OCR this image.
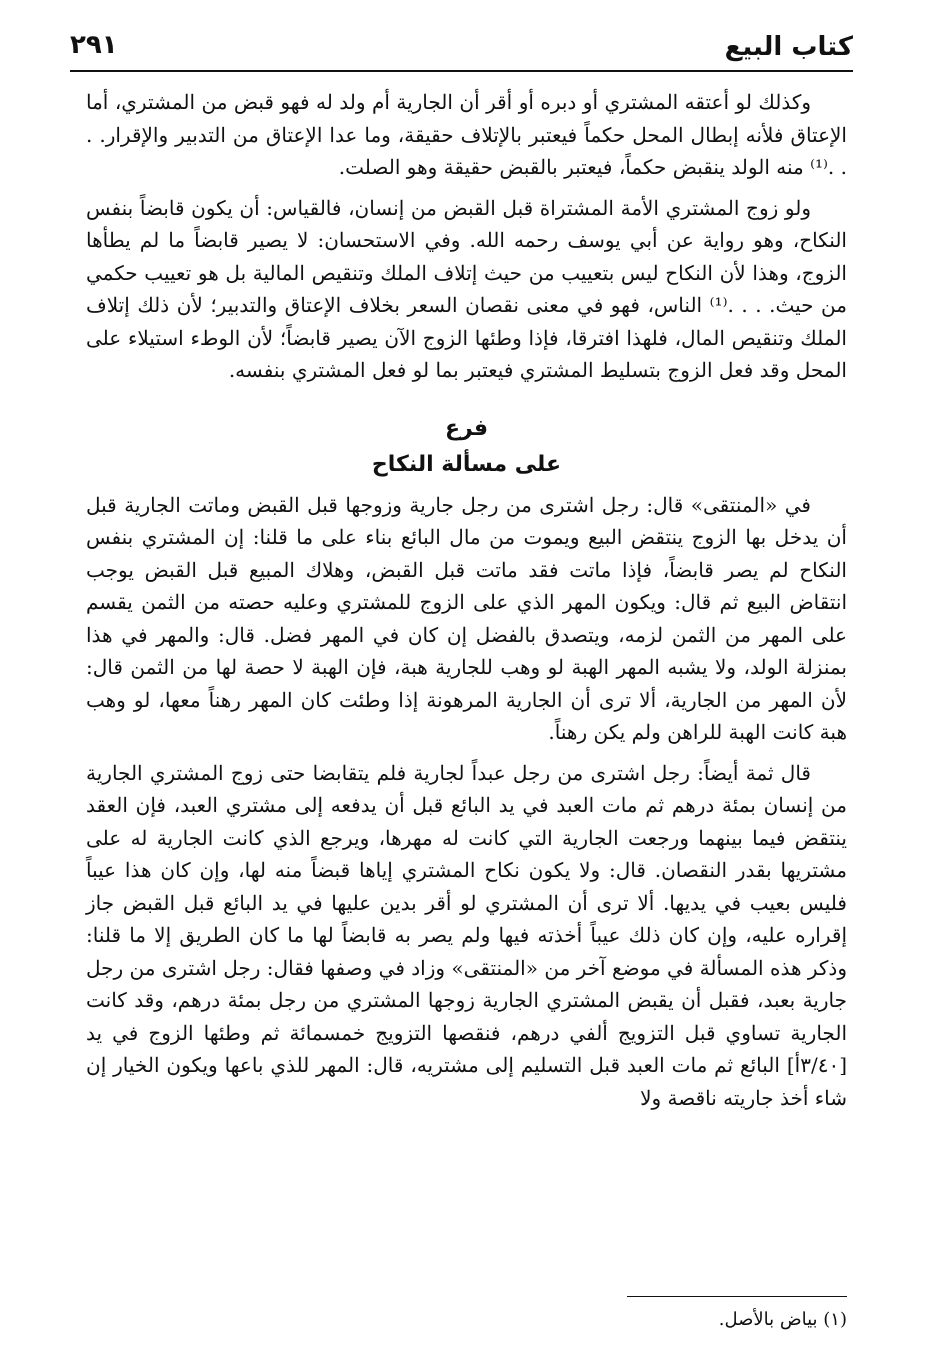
كتاب البيع
٢٩١

وكذلك لو أعتقه المشتري أو دبره أو أقر أن الجارية أم ولد له فهو قبض من المشتري، أما الإعتاق فلأنه إبطال المحل حكماً فيعتبر بالإتلاف حقيقة، وما عدا الإعتاق من التدبير والإقرار. . . .⁽¹⁾ منه الولد ينقبض حكماً، فيعتبر بالقبض حقيقة وهو الصلت.

ولو زوج المشتري الأمة المشتراة قبل القبض من إنسان، فالقياس: أن يكون قابضاً بنفس النكاح، وهو رواية عن أبي يوسف رحمه الله. وفي الاستحسان: لا يصير قابضاً ما لم يطأها الزوج، وهذا لأن النكاح ليس بتعييب من حيث إتلاف الملك وتنقيص المالية بل هو تعييب حكمي من حيث. . . .⁽¹⁾ الناس، فهو في معنى نقصان السعر بخلاف الإعتاق والتدبير؛ لأن ذلك إتلاف الملك وتنقيص المال، فلهذا افترقا، فإذا وطئها الزوج الآن يصير قابضاً؛ لأن الوطء استيلاء على المحل وقد فعل الزوج بتسليط المشتري فيعتبر بما لو فعل المشتري بنفسه.

فرع

على مسألة النكاح

في «المنتقى» قال: رجل اشترى من رجل جارية وزوجها قبل القبض وماتت الجارية قبل أن يدخل بها الزوج ينتقض البيع ويموت من مال البائع بناء على ما قلنا: إن المشتري بنفس النكاح لم يصر قابضاً، فإذا ماتت فقد ماتت قبل القبض، وهلاك المبيع قبل القبض يوجب انتقاض البيع ثم قال: ويكون المهر الذي على الزوج للمشتري وعليه حصته من الثمن يقسم على المهر من الثمن لزمه، ويتصدق بالفضل إن كان في المهر فضل. قال: والمهر في هذا بمنزلة الولد، ولا يشبه المهر الهبة لو وهب للجارية هبة، فإن الهبة لا حصة لها من الثمن قال: لأن المهر من الجارية، ألا ترى أن الجارية المرهونة إذا وطئت كان المهر رهناً معها، لو وهب هبة كانت الهبة للراهن ولم يكن رهناً.

قال ثمة أيضاً: رجل اشترى من رجل عبداً لجارية فلم يتقابضا حتى زوج المشتري الجارية من إنسان بمئة درهم ثم مات العبد في يد البائع قبل أن يدفعه إلى مشتري العبد، فإن العقد ينتقض فيما بينهما ورجعت الجارية التي كانت له مهرها، ويرجع الذي كانت الجارية له على مشتريها بقدر النقصان. قال: ولا يكون نكاح المشتري إياها قبضاً منه لها، وإن كان هذا عيباً فليس بعيب في يديها. ألا ترى أن المشتري لو أقر بدين عليها في يد البائع قبل القبض جاز إقراره عليه، وإن كان ذلك عيباً أخذته فيها ولم يصر به قابضاً لها ما كان الطريق إلا ما قلنا: وذكر هذه المسألة في موضع آخر من «المنتقى» وزاد في وصفها فقال: رجل اشترى من رجل جارية بعبد، فقبل أن يقبض المشتري الجارية زوجها المشتري من رجل بمئة درهم، وقد كانت الجارية تساوي قبل التزويج ألفي درهم، فنقصها التزويج خمسمائة ثم وطئها الزوج في يد [٣/٤٠أ] البائع ثم مات العبد قبل التسليم إلى مشتريه، قال: المهر للذي باعها ويكون الخيار إن شاء أخذ جاريته ناقصة ولا

(١) بياض بالأصل.
